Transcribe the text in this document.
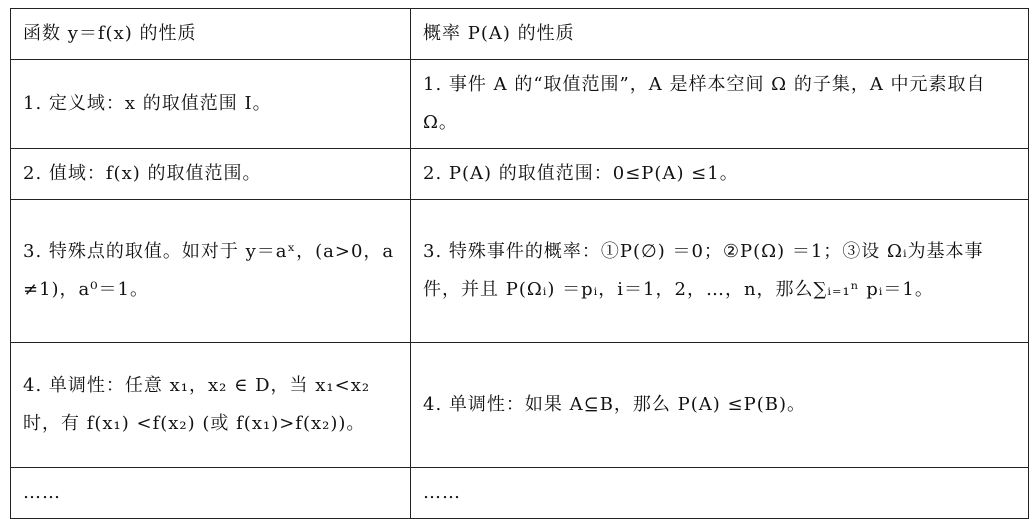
函数 y＝f(x) 的性质	概率 P(A) 的性质
1. 定义域：x 的取值范围 I。	1. 事件 A 的“取值范围”，A 是样本空间 Ω 的子集，A 中元素取自 Ω。
2. 值域：f(x) 的取值范围。	2. P(A) 的取值范围：0≤P(A) ≤1。
3. 特殊点的取值。如对于 y＝aˣ，(a>0，a≠1)，a⁰＝1。	3. 特殊事件的概率：①P(∅) ＝0；②P(Ω) ＝1；③设 Ωᵢ为基本事件，并且 P(Ωᵢ) ＝pᵢ，i＝1，2，…，n，那么∑ᵢ₌₁ⁿ pᵢ＝1。
4. 单调性：任意 x₁，x₂ ∈ D，当 x₁<x₂时，有 f(x₁) <f(x₂) (或 f(x₁)>f(x₂))。	4. 单调性：如果 A⊆B，那么 P(A) ≤P(B)。
……	……
